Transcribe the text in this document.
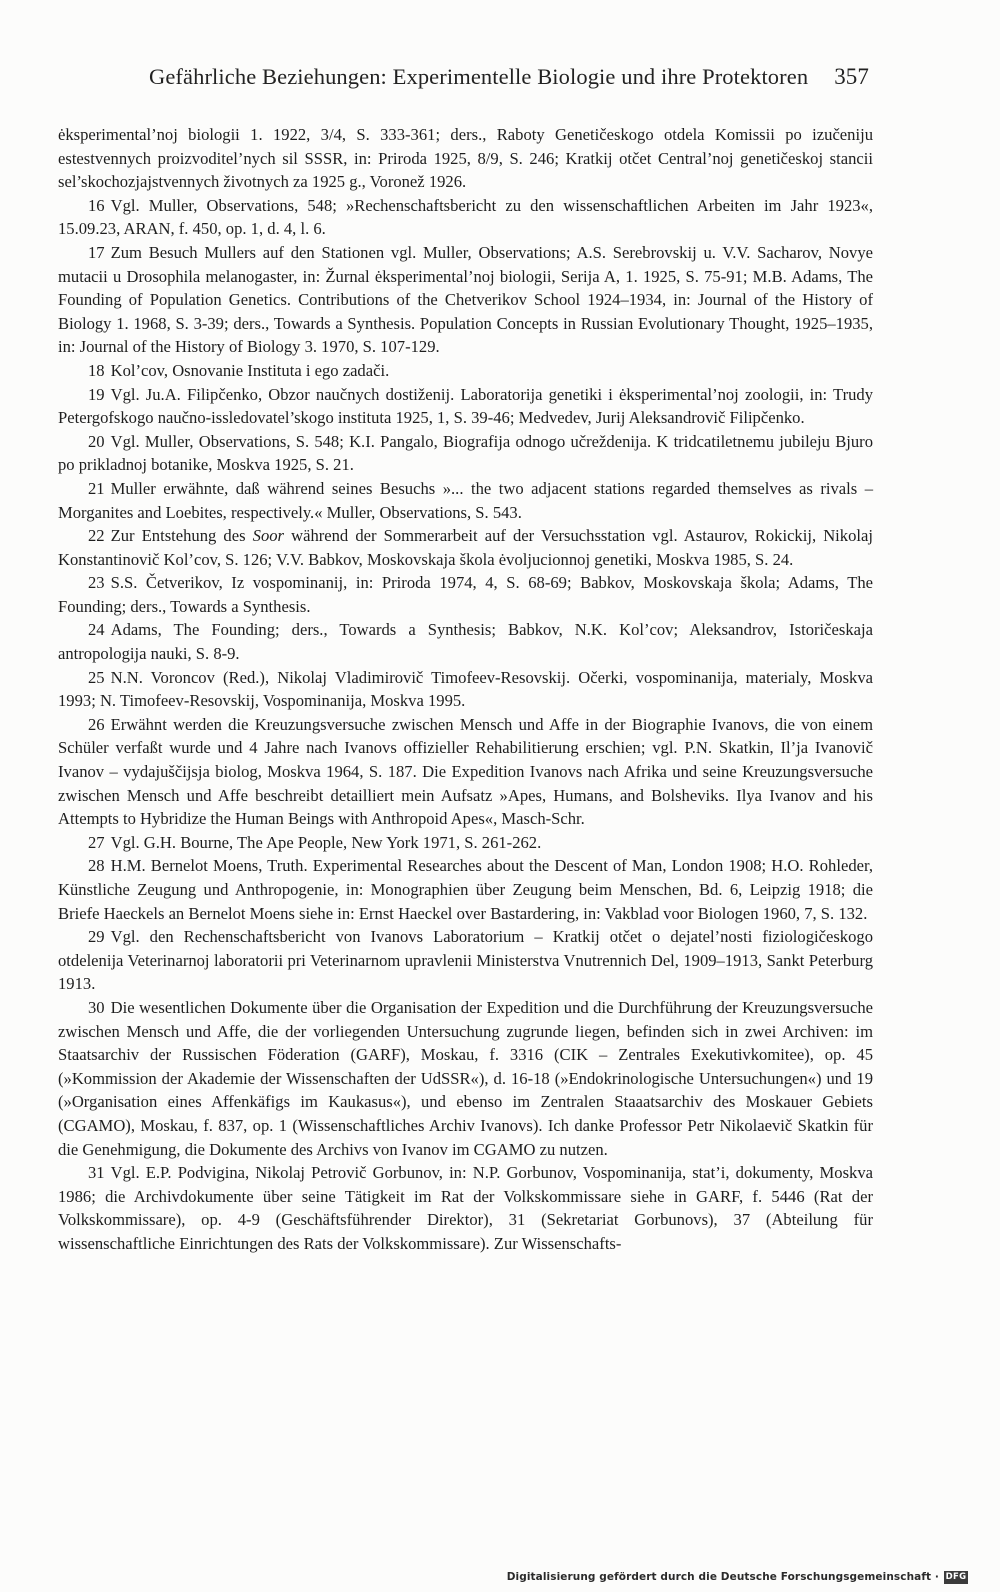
Gefährliche Beziehungen: Experimentelle Biologie und ihre Protektoren 357

ėksperimental’noj biologii 1. 1922, 3/4, S. 333-361; ders., Raboty Genetičeskogo otdela Komissii po izučeniju estestvennych proizvoditel’nych sil SSSR, in: Priroda 1925, 8/9, S. 246; Kratkij otčet Central’noj genetičeskoj stancii sel’skochozjajstvennych životnych za 1925 g., Voronež 1926.

16 Vgl. Muller, Observations, 548; »Rechenschaftsbericht zu den wissenschaftlichen Arbeiten im Jahr 1923«, 15.09.23, ARAN, f. 450, op. 1, d. 4, l. 6.

17 Zum Besuch Mullers auf den Stationen vgl. Muller, Observations; A.S. Serebrovskij u. V.V. Sacharov, Novye mutacii u Drosophila melanogaster, in: Žurnal ėksperimental’noj biologii, Serija A, 1. 1925, S. 75-91; M.B. Adams, The Founding of Population Genetics. Contributions of the Chetverikov School 1924–1934, in: Journal of the History of Biology 1. 1968, S. 3-39; ders., Towards a Synthesis. Population Concepts in Russian Evolutionary Thought, 1925–1935, in: Journal of the History of Biology 3. 1970, S. 107-129.

18 Kol’cov, Osnovanie Instituta i ego zadači.

19 Vgl. Ju.A. Filipčenko, Obzor naučnych dostiženij. Laboratorija genetiki i ėksperimental’noj zoologii, in: Trudy Petergofskogo naučno-issledovatel’skogo instituta 1925, 1, S. 39-46; Medvedev, Jurij Aleksandrovič Filipčenko.

20 Vgl. Muller, Observations, S. 548; K.I. Pangalo, Biografija odnogo učreždenija. K tridcatiletnemu jubileju Bjuro po prikladnoj botanike, Moskva 1925, S. 21.

21 Muller erwähnte, daß während seines Besuchs »... the two adjacent stations regarded themselves as rivals – Morganites and Loebites, respectively.« Muller, Observations, S. 543.

22 Zur Entstehung des Soor während der Sommerarbeit auf der Versuchsstation vgl. Astaurov, Rokickij, Nikolaj Konstantinovič Kol’cov, S. 126; V.V. Babkov, Moskovskaja škola ėvoljucionnoj genetiki, Moskva 1985, S. 24.

23 S.S. Četverikov, Iz vospominanij, in: Priroda 1974, 4, S. 68-69; Babkov, Moskovskaja škola; Adams, The Founding; ders., Towards a Synthesis.

24 Adams, The Founding; ders., Towards a Synthesis; Babkov, N.K. Kol’cov; Aleksandrov, Istoričeskaja antropologija nauki, S. 8-9.

25 N.N. Voroncov (Red.), Nikolaj Vladimirovič Timofeev-Resovskij. Očerki, vospominanija, materialy, Moskva 1993; N. Timofeev-Resovskij, Vospominanija, Moskva 1995.

26 Erwähnt werden die Kreuzungsversuche zwischen Mensch und Affe in der Biographie Ivanovs, die von einem Schüler verfaßt wurde und 4 Jahre nach Ivanovs offizieller Rehabilitierung erschien; vgl. P.N. Skatkin, Il’ja Ivanovič Ivanov – vydajuščijsja biolog, Moskva 1964, S. 187. Die Expedition Ivanovs nach Afrika und seine Kreuzungsversuche zwischen Mensch und Affe beschreibt detailliert mein Aufsatz »Apes, Humans, and Bolsheviks. Ilya Ivanov and his Attempts to Hybridize the Human Beings with Anthropoid Apes«, Masch-Schr.

27 Vgl. G.H. Bourne, The Ape People, New York 1971, S. 261-262.

28 H.M. Bernelot Moens, Truth. Experimental Researches about the Descent of Man, London 1908; H.O. Rohleder, Künstliche Zeugung und Anthropogenie, in: Monographien über Zeugung beim Menschen, Bd. 6, Leipzig 1918; die Briefe Haeckels an Bernelot Moens siehe in: Ernst Haeckel over Bastardering, in: Vakblad voor Biologen 1960, 7, S. 132.

29 Vgl. den Rechenschaftsbericht von Ivanovs Laboratorium – Kratkij otčet o dejatel’nosti fiziologičeskogo otdelenija Veterinarnoj laboratorii pri Veterinarnom upravlenii Ministerstva Vnutrennich Del, 1909–1913, Sankt Peterburg 1913.

30 Die wesentlichen Dokumente über die Organisation der Expedition und die Durchführung der Kreuzungsversuche zwischen Mensch und Affe, die der vorliegenden Untersuchung zugrunde liegen, befinden sich in zwei Archiven: im Staatsarchiv der Russischen Föderation (GARF), Moskau, f. 3316 (CIK – Zentrales Exekutivkomitee), op. 45 (»Kommission der Akademie der Wissenschaften der UdSSR«), d. 16-18 (»Endokrinologische Untersuchungen«) und 19 (»Organisation eines Affenkäfigs im Kaukasus«), und ebenso im Zentralen Staaatsarchiv des Moskauer Gebiets (CGAMO), Moskau, f. 837, op. 1 (Wissenschaftliches Archiv Ivanovs). Ich danke Professor Petr Nikolaevič Skatkin für die Genehmigung, die Dokumente des Archivs von Ivanov im CGAMO zu nutzen.

31 Vgl. E.P. Podvigina, Nikolaj Petrovič Gorbunov, in: N.P. Gorbunov, Vospominanija, stat’i, dokumenty, Moskva 1986; die Archivdokumente über seine Tätigkeit im Rat der Volkskommissare siehe in GARF, f. 5446 (Rat der Volkskommissare), op. 4-9 (Geschäftsführender Direktor), 31 (Sekretariat Gorbunovs), 37 (Abteilung für wissenschaftliche Einrichtungen des Rats der Volkskommissare). Zur Wissenschafts-

Digitalisierung gefördert durch die Deutsche Forschungsgemeinschaft · DFG
